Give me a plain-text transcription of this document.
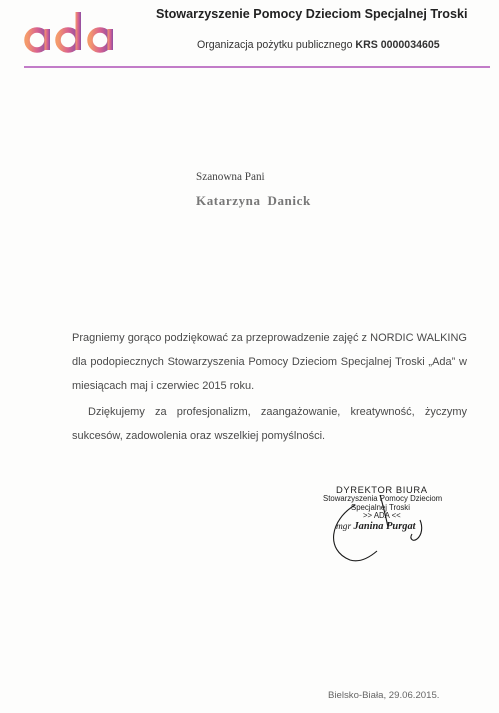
Stowarzyszenie Pomocy Dzieciom Specjalnej Troski
Organizacja pożytku publicznego KRS 0000034605
Szanowna Pani
Katarzyna Danick
Pragniemy gorąco podziękować za przeprowadzenie zajęć z NORDIC WALKING dla podopiecznych Stowarzyszenia Pomocy Dzieciom Specjalnej Troski „Ada” w miesiącach maj i czerwiec 2015 roku.
Dziękujemy za profesjonalizm, zaangażowanie, kreatywność, życzymy sukcesów, zadowolenia oraz wszelkiej pomyślności.
DYREKTOR BIURA
Stowarzyszenia Pomocy Dzieciom
Specjalnej Troski
>> ADA <<
mgr Janina Purgat
Bielsko-Biała, 29.06.2015.
